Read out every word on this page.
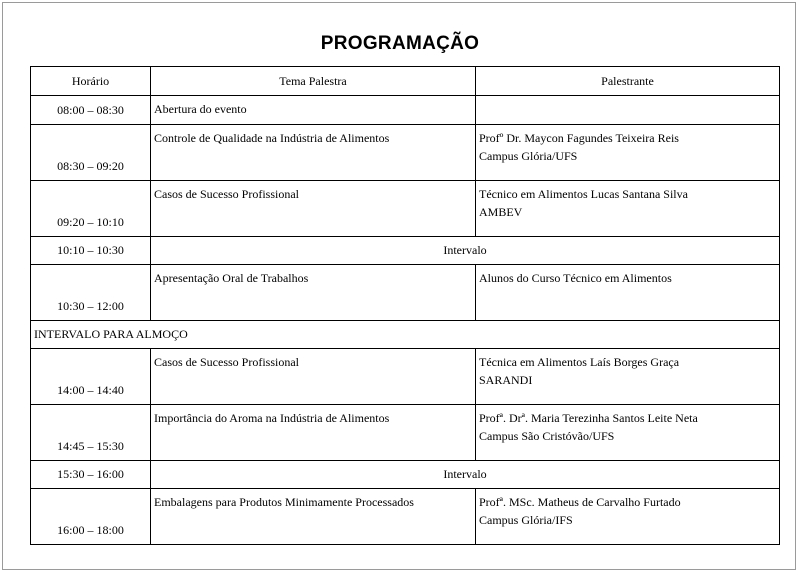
PROGRAMAÇÃO
Horário	Tema Palestra	Palestrante
08:00 – 08:30	Abertura do evento	
08:30 – 09:20	Controle de Qualidade na Indústria de Alimentos	Profº Dr. Maycon Fagundes Teixeira Reis
Campus Glória/UFS

09:20 – 10:10	Casos de Sucesso Profissional	Técnico em Alimentos Lucas Santana Silva
AMBEV

10:10 – 10:30	Intervalo	
10:30 – 12:00	Apresentação Oral de Trabalhos	Alunos do Curso Técnico em Alimentos

INTERVALO PARA ALMOÇO		
14:00 – 14:40	Casos de Sucesso Profissional	Técnica em Alimentos Laís Borges Graça
SARANDI

14:45 – 15:30	Importância do Aroma na Indústria de Alimentos	Profª. Drª. Maria Terezinha Santos Leite Neta
Campus São Cristóvão/UFS

15:30 – 16:00	Intervalo	
16:00 – 18:00	Embalagens para Produtos Minimamente Processados	Profª. MSc. Matheus de Carvalho Furtado
Campus Glória/IFS
